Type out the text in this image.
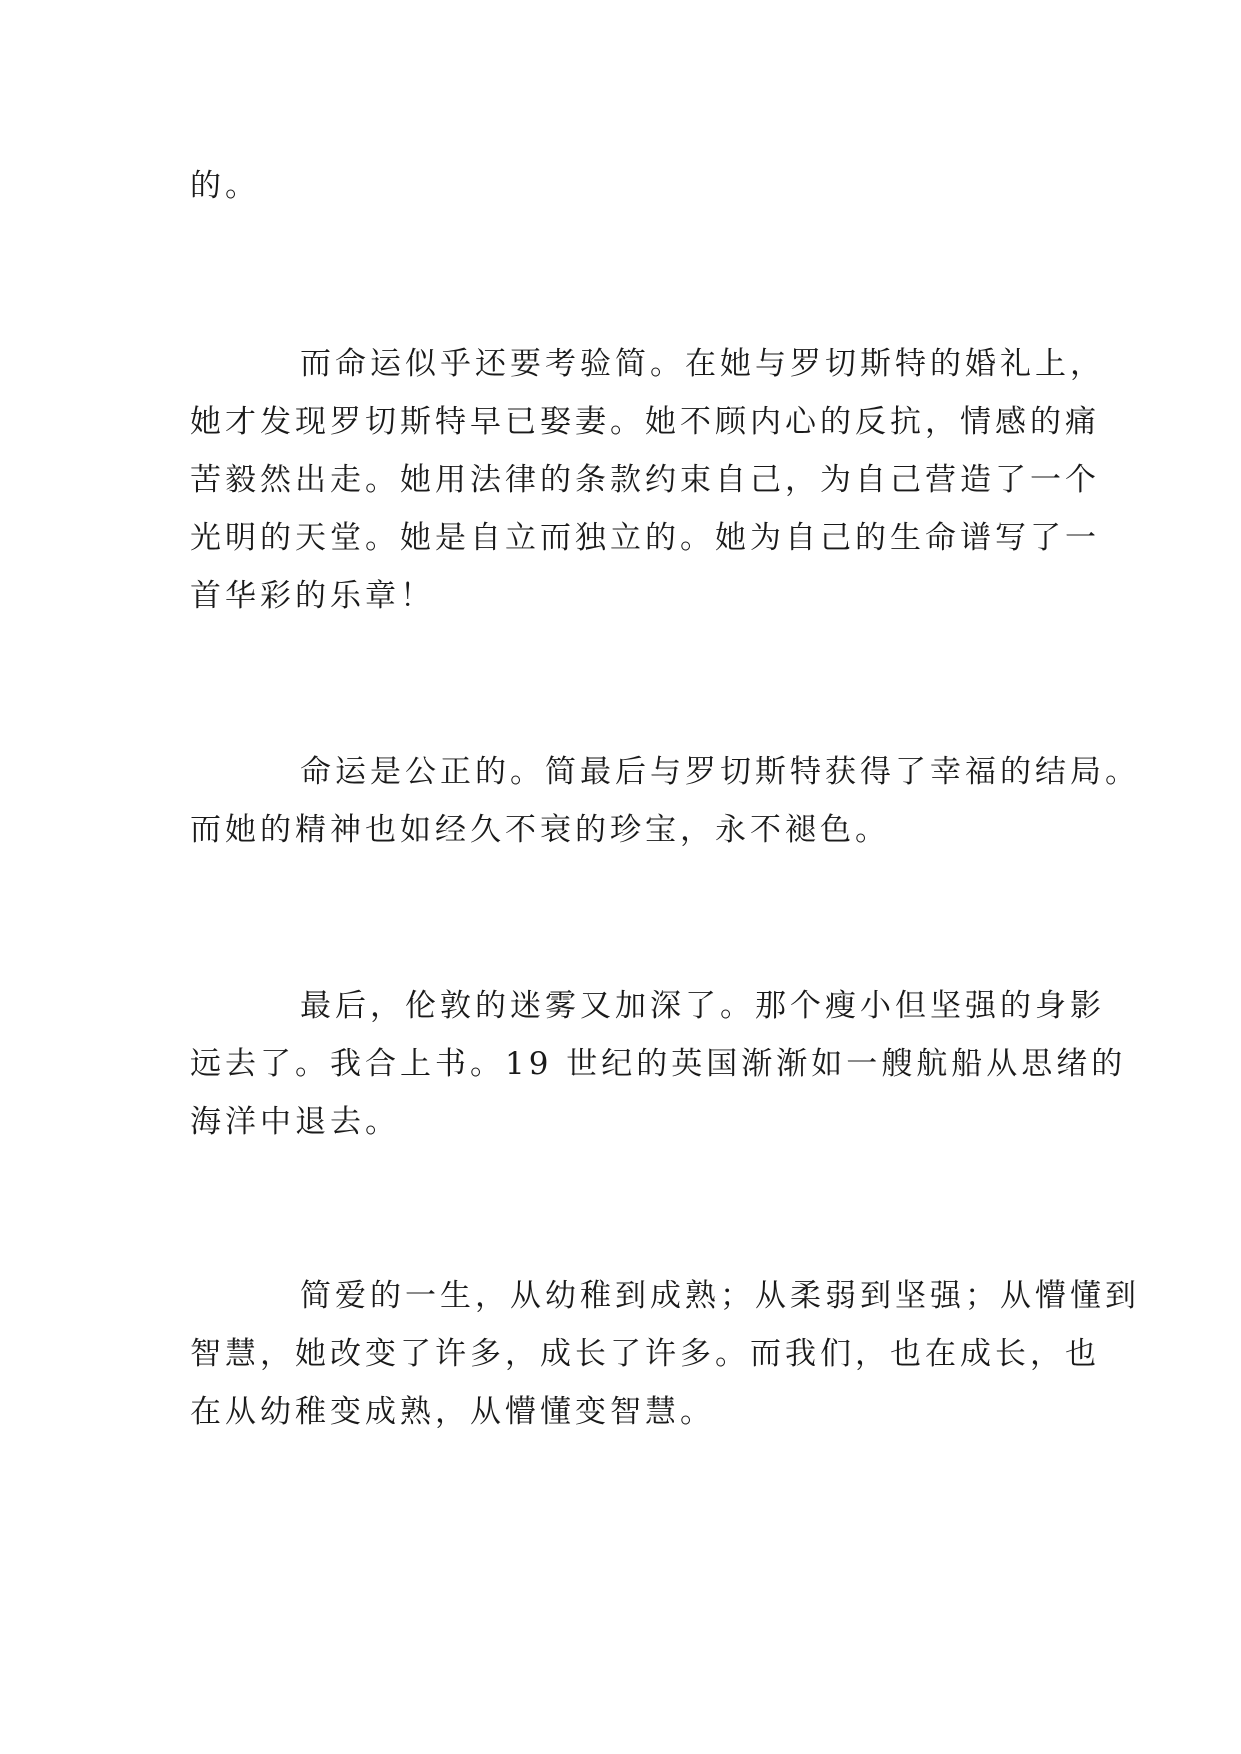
的。

而命运似乎还要考验简。在她与罗切斯特的婚礼上，

她才发现罗切斯特早已娶妻。她不顾内心的反抗，情感的痛

苦毅然出走。她用法律的条款约束自己，为自己营造了一个

光明的天堂。她是自立而独立的。她为自己的生命谱写了一

首华彩的乐章！

命运是公正的。简最后与罗切斯特获得了幸福的结局。

而她的精神也如经久不衰的珍宝，永不褪色。

最后，伦敦的迷雾又加深了。那个瘦小但坚强的身影

远去了。我合上书。19 世纪的英国渐渐如一艘航船从思绪的

海洋中退去。

简爱的一生，从幼稚到成熟；从柔弱到坚强；从懵懂到

智慧，她改变了许多，成长了许多。而我们，也在成长，也

在从幼稚变成熟，从懵懂变智慧。
